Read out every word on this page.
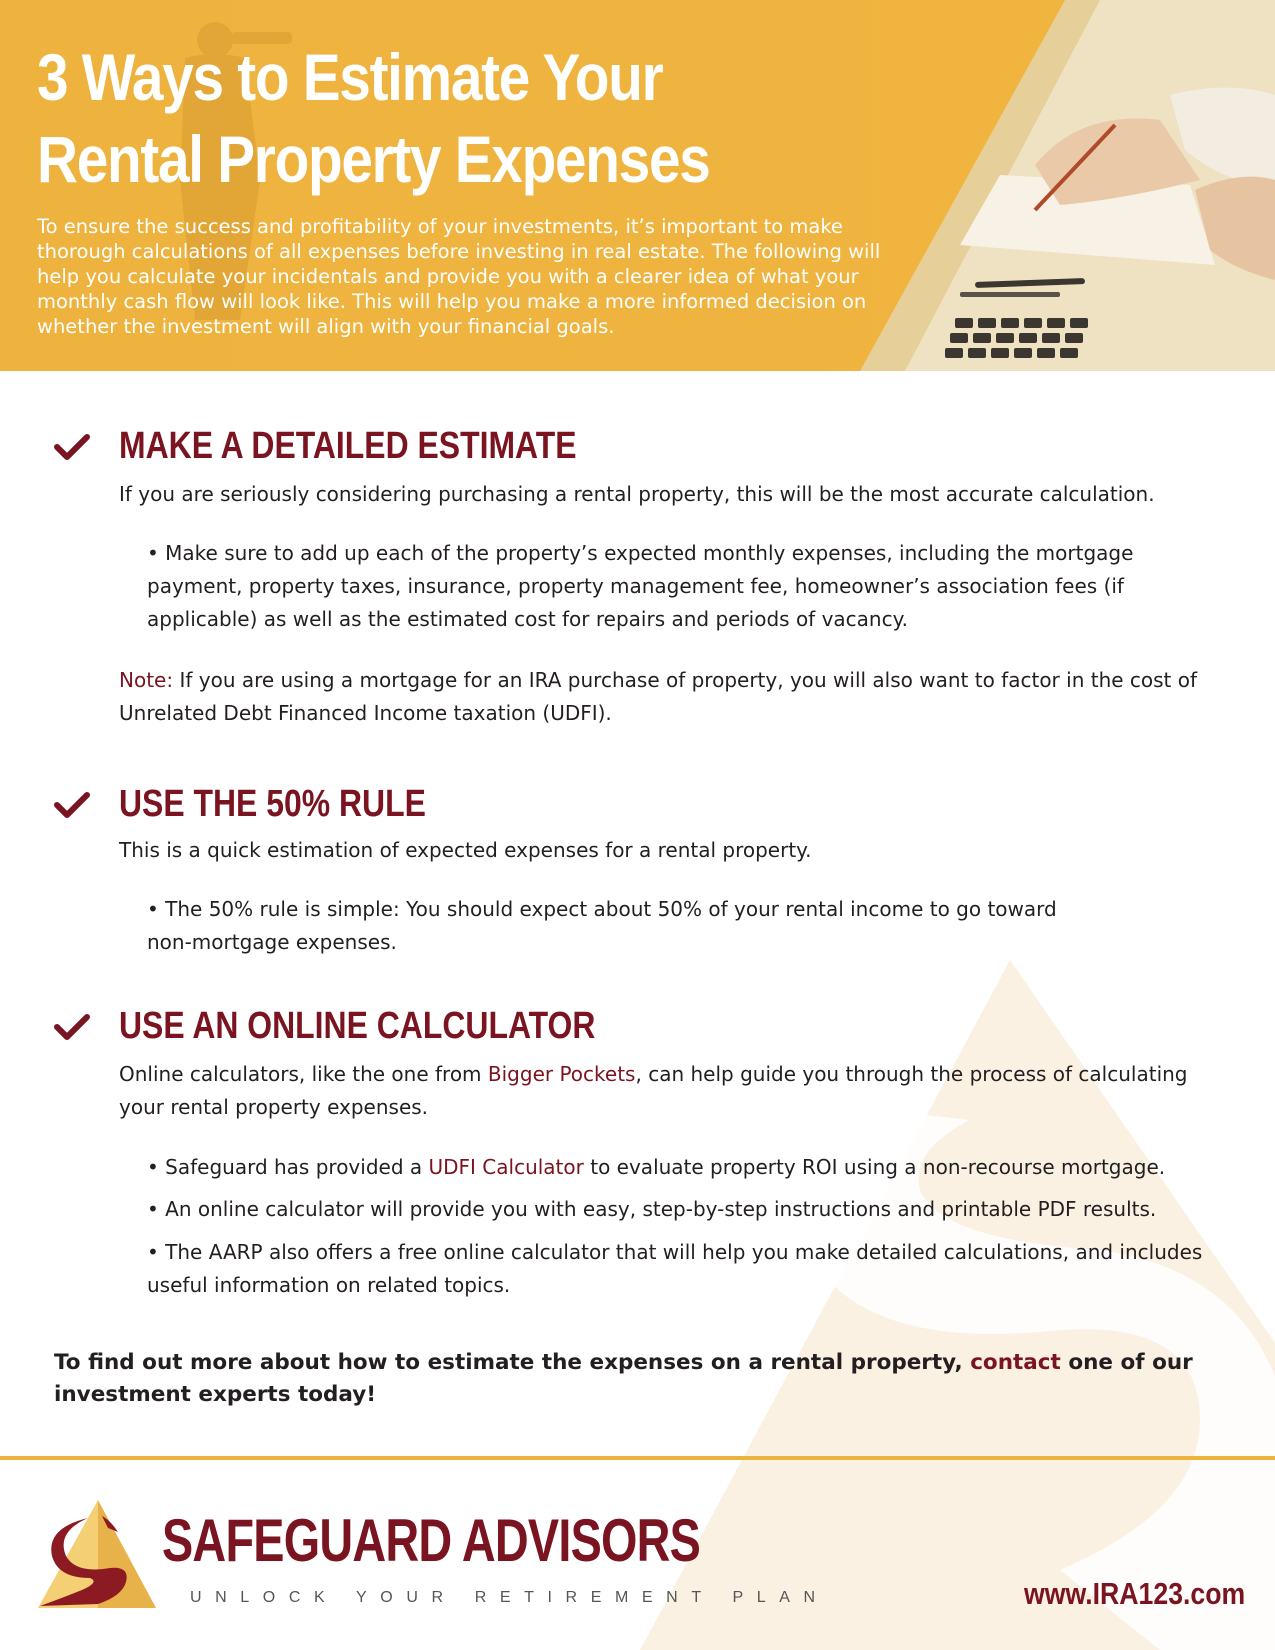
3 Ways to Estimate Your Rental Property Expenses

To ensure the success and profitability of your investments, it’s important to make thorough calculations of all expenses before investing in real estate. The following will help you calculate your incidentals and provide you with a clearer idea of what your monthly cash flow will look like. This will help you make a more informed decision on whether the investment will align with your financial goals.

MAKE A DETAILED ESTIMATE

If you are seriously considering purchasing a rental property, this will be the most accurate calculation.

• Make sure to add up each of the property’s expected monthly expenses, including the mortgage payment, property taxes, insurance, property management fee, homeowner’s association fees (if applicable) as well as the estimated cost for repairs and periods of vacancy.

Note: If you are using a mortgage for an IRA purchase of property, you will also want to factor in the cost of Unrelated Debt Financed Income taxation (UDFI).

USE THE 50% RULE

This is a quick estimation of expected expenses for a rental property.

• The 50% rule is simple: You should expect about 50% of your rental income to go toward non-mortgage expenses.

USE AN ONLINE CALCULATOR

Online calculators, like the one from Bigger Pockets, can help guide you through the process of calculating your rental property expenses.

• Safeguard has provided a UDFI Calculator to evaluate property ROI using a non-recourse mortgage.

• An online calculator will provide you with easy, step-by-step instructions and printable PDF results.

• The AARP also offers a free online calculator that will help you make detailed calculations, and includes useful information on related topics.

To find out more about how to estimate the expenses on a rental property, contact one of our investment experts today!

SAFEGUARD ADVISORS

UNLOCK YOUR RETIREMENT PLAN	www.IRA123.com
